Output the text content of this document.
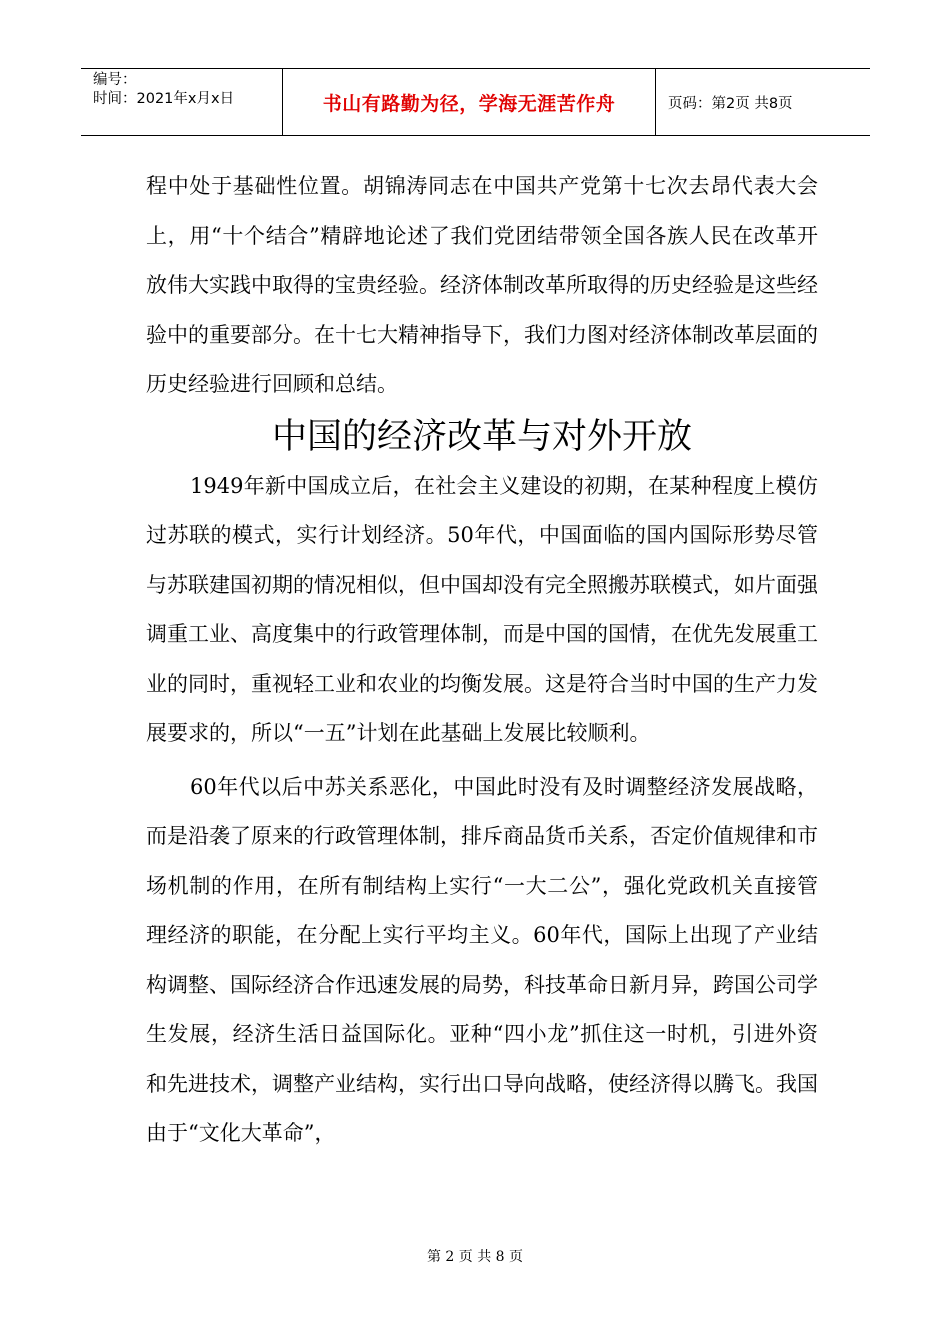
编号：
时间：2021年x月x日	书山有路勤为径，学海无涯苦作舟	页码：第2页 共8页

程中处于基础性位置。胡锦涛同志在中国共产党第十七次去昂代表大会上，用“十个结合”精辟地论述了我们党团结带领全国各族人民在改革开放伟大实践中取得的宝贵经验。经济体制改革所取得的历史经验是这些经验中的重要部分。在十七大精神指导下，我们力图对经济体制改革层面的历史经验进行回顾和总结。

中国的经济改革与对外开放

1949年新中国成立后，在社会主义建设的初期，在某种程度上模仿过苏联的模式，实行计划经济。50年代，中国面临的国内国际形势尽管与苏联建国初期的情况相似，但中国却没有完全照搬苏联模式，如片面强调重工业、高度集中的行政管理体制，而是中国的国情，在优先发展重工业的同时，重视轻工业和农业的均衡发展。这是符合当时中国的生产力发展要求的，所以“一五”计划在此基础上发展比较顺利。

60年代以后中苏关系恶化，中国此时没有及时调整经济发展战略，而是沿袭了原来的行政管理体制，排斥商品货币关系，否定价值规律和市场机制的作用，在所有制结构上实行“一大二公”，强化党政机关直接管理经济的职能，在分配上实行平均主义。60年代，国际上出现了产业结构调整、国际经济合作迅速发展的局势，科技革命日新月异，跨国公司学生发展，经济生活日益国际化。亚种“四小龙”抓住这一时机，引进外资和先进技术，调整产业结构，实行出口导向战略，使经济得以腾飞。我国由于“文化大革命”，

第 2 页 共 8 页
